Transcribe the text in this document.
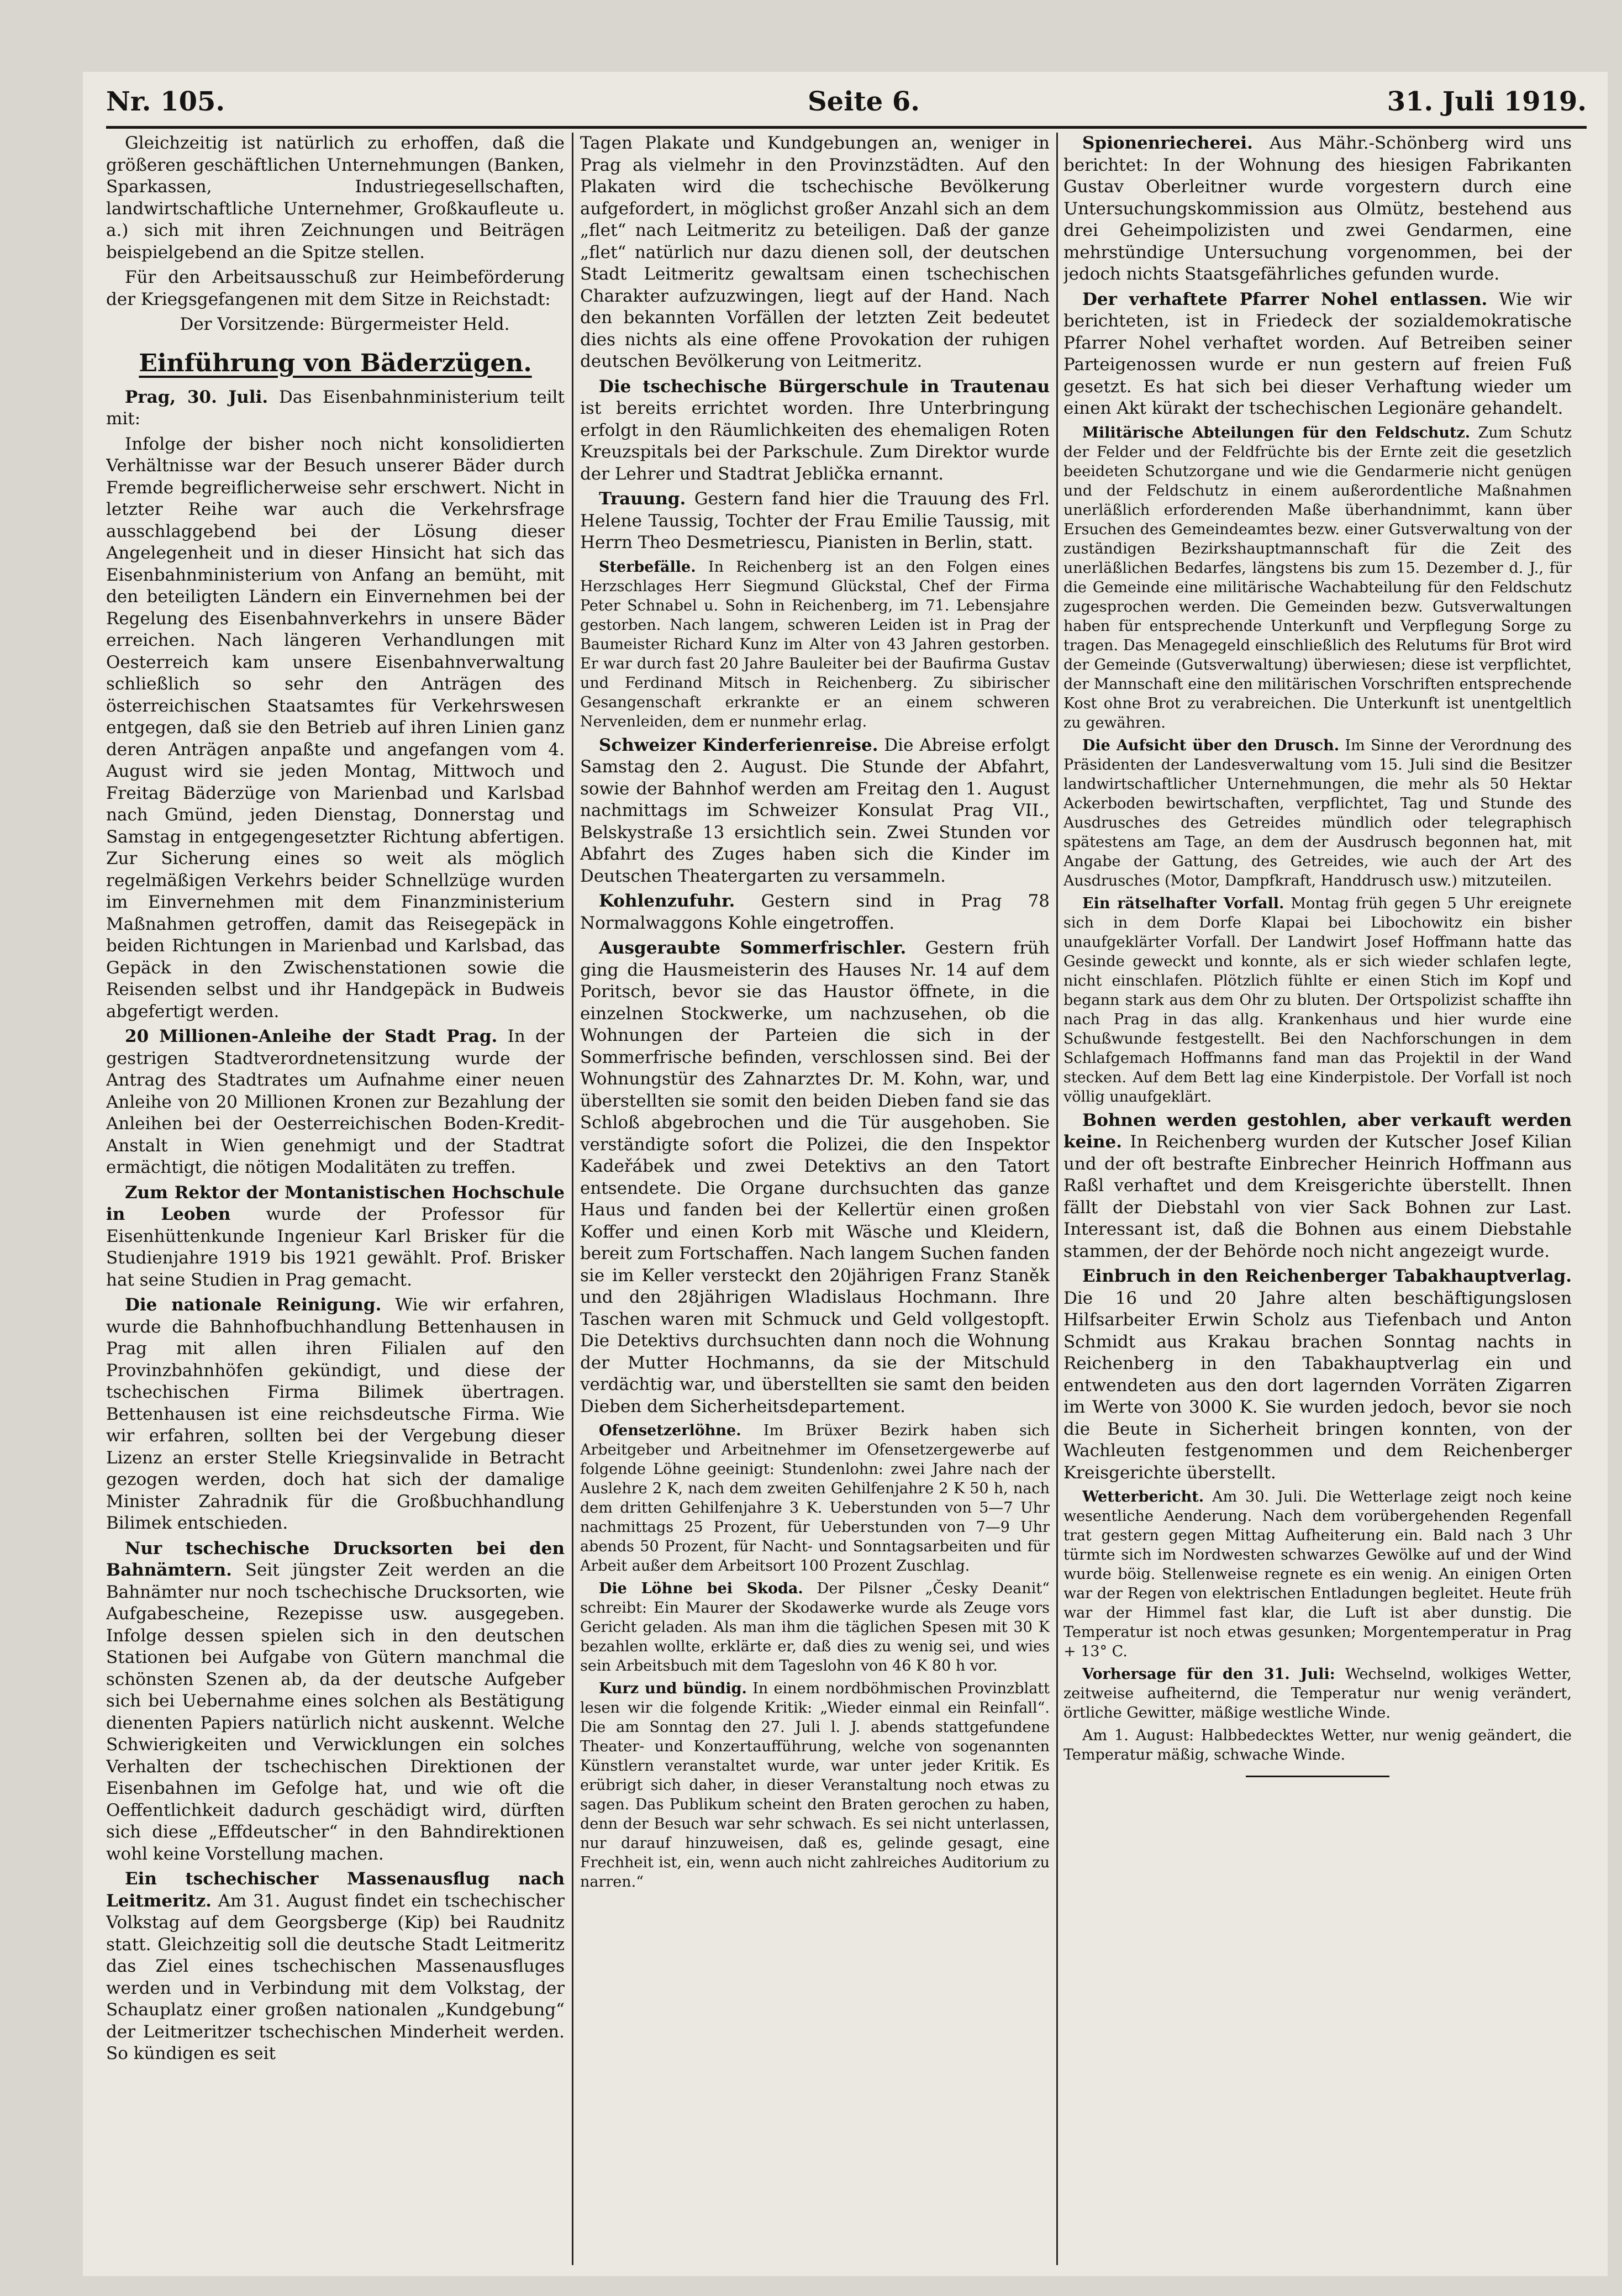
Nr. 105.	Seite 6.	31. Juli 1919.

Gleichzeitig ist natürlich zu erhoffen, daß die größeren geschäftlichen Unternehmungen (Banken, Sparkassen, Industriegesellschaften, landwirtschaftliche Unternehmer, Großkaufleute u. a.) sich mit ihren Zeichnungen und Beiträgen beispielgebend an die Spitze stellen.

Für den Arbeitsausschuß zur Heimbeförderung der Kriegsgefangenen mit dem Sitze in Reichstadt:

Der Vorsitzende: Bürgermeister Held.

Einführung von Bäderzügen.

Prag, 30. Juli. Das Eisenbahnministerium teilt mit:

Infolge der bisher noch nicht konsolidierten Verhältnisse war der Besuch unserer Bäder durch Fremde begreiflicherweise sehr erschwert. Nicht in letzter Reihe war auch die Verkehrsfrage ausschlaggebend bei der Lösung dieser Angelegenheit und in dieser Hinsicht hat sich das Eisenbahnministerium von Anfang an bemüht, mit den beteiligten Ländern ein Einvernehmen bei der Regelung des Eisenbahnverkehrs in unsere Bäder erreichen. Nach längeren Verhandlungen mit Oesterreich kam unsere Eisenbahnverwaltung schließlich so sehr den Anträgen des österreichischen Staatsamtes für Verkehrswesen entgegen, daß sie den Betrieb auf ihren Linien ganz deren Anträgen anpaßte und angefangen vom 4. August wird sie jeden Montag, Mittwoch und Freitag Bäderzüge von Marienbad und Karlsbad nach Gmünd, jeden Dienstag, Donnerstag und Samstag in entgegengesetzter Richtung abfertigen. Zur Sicherung eines so weit als möglich regelmäßigen Verkehrs beider Schnellzüge wurden im Einvernehmen mit dem Finanzministerium Maßnahmen getroffen, damit das Reisegepäck in beiden Richtungen in Marienbad und Karlsbad, das Gepäck in den Zwischenstationen sowie die Reisenden selbst und ihr Handgepäck in Budweis abgefertigt werden.

20 Millionen-Anleihe der Stadt Prag. In der gestrigen Stadtverordnetensitzung wurde der Antrag des Stadtrates um Aufnahme einer neuen Anleihe von 20 Millionen Kronen zur Bezahlung der Anleihen bei der Oesterreichischen Boden-Kredit-Anstalt in Wien genehmigt und der Stadtrat ermächtigt, die nötigen Modalitäten zu treffen.

Zum Rektor der Montanistischen Hochschule in Leoben wurde der Professor für Eisenhüttenkunde Ingenieur Karl Brisker für die Studienjahre 1919 bis 1921 gewählt. Prof. Brisker hat seine Studien in Prag gemacht.

Die nationale Reinigung. Wie wir erfahren, wurde die Bahnhofbuchhandlung Bettenhausen in Prag mit allen ihren Filialen auf den Provinzbahnhöfen gekündigt, und diese der tschechischen Firma Bilimek übertragen. Bettenhausen ist eine reichsdeutsche Firma. Wie wir erfahren, sollten bei der Vergebung dieser Lizenz an erster Stelle Kriegsinvalide in Betracht gezogen werden, doch hat sich der damalige Minister Zahradnik für die Großbuchhandlung Bilimek entschieden.

Nur tschechische Drucksorten bei den Bahnämtern. Seit jüngster Zeit werden an die Bahnämter nur noch tschechische Drucksorten, wie Aufgabescheine, Rezepisse usw. ausgegeben. Infolge dessen spielen sich in den deutschen Stationen bei Aufgabe von Gütern manchmal die schönsten Szenen ab, da der deutsche Aufgeber sich bei Uebernahme eines solchen als Bestätigung dienenten Papiers natürlich nicht auskennt. Welche Schwierigkeiten und Verwicklungen ein solches Verhalten der tschechischen Direktionen der Eisenbahnen im Gefolge hat, und wie oft die Oeffentlichkeit dadurch geschädigt wird, dürften sich diese „Effdeutscher“ in den Bahndirektionen wohl keine Vorstellung machen.

Ein tschechischer Massenausflug nach Leitmeritz. Am 31. August findet ein tschechischer Volkstag auf dem Georgsberge (Kip) bei Raudnitz statt. Gleichzeitig soll die deutsche Stadt Leitmeritz das Ziel eines tschechischen Massenausfluges werden und in Verbindung mit dem Volkstag, der Schauplatz einer großen nationalen „Kundgebung“ der Leitmeritzer tschechischen Minderheit werden. So kündigen es seit

Tagen Plakate und Kundgebungen an, weniger in Prag als vielmehr in den Provinzstädten. Auf den Plakaten wird die tschechische Bevölkerung aufgefordert, in möglichst großer Anzahl sich an dem „flet“ nach Leitmeritz zu beteiligen. Daß der ganze „flet“ natürlich nur dazu dienen soll, der deutschen Stadt Leitmeritz gewaltsam einen tschechischen Charakter aufzuzwingen, liegt auf der Hand. Nach den bekannten Vorfällen der letzten Zeit bedeutet dies nichts als eine offene Provokation der ruhigen deutschen Bevölkerung von Leitmeritz.

Die tschechische Bürgerschule in Trautenau ist bereits errichtet worden. Ihre Unterbringung erfolgt in den Räumlichkeiten des ehemaligen Roten Kreuzspitals bei der Parkschule. Zum Direktor wurde der Lehrer und Stadtrat Jeblička ernannt.

Trauung. Gestern fand hier die Trauung des Frl. Helene Taussig, Tochter der Frau Emilie Taussig, mit Herrn Theo Desmetriescu, Pianisten in Berlin, statt.

Sterbefälle. In Reichenberg ist an den Folgen eines Herzschlages Herr Siegmund Glückstal, Chef der Firma Peter Schnabel u. Sohn in Reichenberg, im 71. Lebensjahre gestorben. Nach langem, schweren Leiden ist in Prag der Baumeister Richard Kunz im Alter von 43 Jahren gestorben. Er war durch fast 20 Jahre Bauleiter bei der Baufirma Gustav und Ferdinand Mitsch in Reichenberg. Zu sibirischer Gesangenschaft erkrankte er an einem schweren Nervenleiden, dem er nunmehr erlag.

Schweizer Kinderferienreise. Die Abreise erfolgt Samstag den 2. August. Die Stunde der Abfahrt, sowie der Bahnhof werden am Freitag den 1. August nachmittags im Schweizer Konsulat Prag VII., Belskystraße 13 ersichtlich sein. Zwei Stunden vor Abfahrt des Zuges haben sich die Kinder im Deutschen Theatergarten zu versammeln.

Kohlenzufuhr. Gestern sind in Prag 78 Normalwaggons Kohle eingetroffen.

Ausgeraubte Sommerfrischler. Gestern früh ging die Hausmeisterin des Hauses Nr. 14 auf dem Poritsch, bevor sie das Haustor öffnete, in die einzelnen Stockwerke, um nachzusehen, ob die Wohnungen der Parteien die sich in der Sommerfrische befinden, verschlossen sind. Bei der Wohnungstür des Zahnarztes Dr. M. Kohn, war, und überstellten sie somit den beiden Dieben fand sie das Schloß abgebrochen und die Tür ausgehoben. Sie verständigte sofort die Polizei, die den Inspektor Kadeřábek und zwei Detektivs an den Tatort entsendete. Die Organe durchsuchten das ganze Haus und fanden bei der Kellertür einen großen Koffer und einen Korb mit Wäsche und Kleidern, bereit zum Fortschaffen. Nach langem Suchen fanden sie im Keller versteckt den 20jährigen Franz Staněk und den 28jährigen Wladislaus Hochmann. Ihre Taschen waren mit Schmuck und Geld vollgestopft. Die Detektivs durchsuchten dann noch die Wohnung der Mutter Hochmanns, da sie der Mitschuld verdächtig war, und überstellten sie samt den beiden Dieben dem Sicherheitsdepartement.

Ofensetzerlöhne. Im Brüxer Bezirk haben sich Arbeitgeber und Arbeitnehmer im Ofensetzergewerbe auf folgende Löhne geeinigt: Stundenlohn: zwei Jahre nach der Auslehre 2 K, nach dem zweiten Gehilfenjahre 2 K 50 h, nach dem dritten Gehilfenjahre 3 K. Ueberstunden von 5—7 Uhr nachmittags 25 Prozent, für Ueberstunden von 7—9 Uhr abends 50 Prozent, für Nacht- und Sonntagsarbeiten und für Arbeit außer dem Arbeitsort 100 Prozent Zuschlag.

Die Löhne bei Skoda. Der Pilsner „Česky Deanit“ schreibt: Ein Maurer der Skodawerke wurde als Zeuge vors Gericht geladen. Als man ihm die täglichen Spesen mit 30 K bezahlen wollte, erklärte er, daß dies zu wenig sei, und wies sein Arbeitsbuch mit dem Tageslohn von 46 K 80 h vor.

Kurz und bündig. In einem nordböhmischen Provinzblatt lesen wir die folgende Kritik: „Wieder einmal ein Reinfall“. Die am Sonntag den 27. Juli l. J. abends stattgefundene Theater- und Konzertaufführung, welche von sogenannten Künstlern veranstaltet wurde, war unter jeder Kritik. Es erübrigt sich daher, in dieser Veranstaltung noch etwas zu sagen. Das Publikum scheint den Braten gerochen zu haben, denn der Besuch war sehr schwach. Es sei nicht unterlassen, nur darauf hinzuweisen, daß es, gelinde gesagt, eine Frechheit ist, ein, wenn auch nicht zahlreiches Auditorium zu narren.“

Spionenriecherei. Aus Mähr.-Schönberg wird uns berichtet: In der Wohnung des hiesigen Fabrikanten Gustav Oberleitner wurde vorgestern durch eine Untersuchungskommission aus Olmütz, bestehend aus drei Geheimpolizisten und zwei Gendarmen, eine mehrstündige Untersuchung vorgenommen, bei der jedoch nichts Staatsgefährliches gefunden wurde.

Der verhaftete Pfarrer Nohel entlassen. Wie wir berichteten, ist in Friedeck der sozialdemokratische Pfarrer Nohel verhaftet worden. Auf Betreiben seiner Parteigenossen wurde er nun gestern auf freien Fuß gesetzt. Es hat sich bei dieser Verhaftung wieder um einen Akt kürakt der tschechischen Legionäre gehandelt.

Militärische Abteilungen für den Feldschutz. Zum Schutz der Felder und der Feldfrüchte bis der Ernte zeit die gesetzlich beeideten Schutzorgane und wie die Gendarmerie nicht genügen und der Feldschutz in einem außerordentliche Maßnahmen unerläßlich erforderenden Maße überhandnimmt, kann über Ersuchen des Gemeindeamtes bezw. einer Gutsverwaltung von der zuständigen Bezirkshauptmannschaft für die Zeit des unerläßlichen Bedarfes, längstens bis zum 15. Dezember d. J., für die Gemeinde eine militärische Wachabteilung für den Feldschutz zugesprochen werden. Die Gemeinden bezw. Gutsverwaltungen haben für entsprechende Unterkunft und Verpflegung Sorge zu tragen. Das Menagegeld einschließlich des Relutums für Brot wird der Gemeinde (Gutsverwaltung) überwiesen; diese ist verpflichtet, der Mannschaft eine den militärischen Vorschriften entsprechende Kost ohne Brot zu verabreichen. Die Unterkunft ist unentgeltlich zu gewähren.

Die Aufsicht über den Drusch. Im Sinne der Verordnung des Präsidenten der Landesverwaltung vom 15. Juli sind die Besitzer landwirtschaftlicher Unternehmungen, die mehr als 50 Hektar Ackerboden bewirtschaften, verpflichtet, Tag und Stunde des Ausdrusches des Getreides mündlich oder telegraphisch spätestens am Tage, an dem der Ausdrusch begonnen hat, mit Angabe der Gattung, des Getreides, wie auch der Art des Ausdrusches (Motor, Dampfkraft, Handdrusch usw.) mitzuteilen.

Ein rätselhafter Vorfall. Montag früh gegen 5 Uhr ereignete sich in dem Dorfe Klapai bei Libochowitz ein bisher unaufgeklärter Vorfall. Der Landwirt Josef Hoffmann hatte das Gesinde geweckt und konnte, als er sich wieder schlafen legte, nicht einschlafen. Plötzlich fühlte er einen Stich im Kopf und begann stark aus dem Ohr zu bluten. Der Ortspolizist schaffte ihn nach Prag in das allg. Krankenhaus und hier wurde eine Schußwunde festgestellt. Bei den Nachforschungen in dem Schlafgemach Hoffmanns fand man das Projektil in der Wand stecken. Auf dem Bett lag eine Kinderpistole. Der Vorfall ist noch völlig unaufgeklärt.

Bohnen werden gestohlen, aber verkauft werden keine. In Reichenberg wurden der Kutscher Josef Kilian und der oft bestrafte Einbrecher Heinrich Hoffmann aus Raßl verhaftet und dem Kreisgerichte überstellt. Ihnen fällt der Diebstahl von vier Sack Bohnen zur Last. Interessant ist, daß die Bohnen aus einem Diebstahle stammen, der der Behörde noch nicht angezeigt wurde.

Einbruch in den Reichenberger Tabakhauptverlag. Die 16 und 20 Jahre alten beschäftigungslosen Hilfsarbeiter Erwin Scholz aus Tiefenbach und Anton Schmidt aus Krakau brachen Sonntag nachts in Reichenberg in den Tabakhauptverlag ein und entwendeten aus den dort lagernden Vorräten Zigarren im Werte von 3000 K. Sie wurden jedoch, bevor sie noch die Beute in Sicherheit bringen konnten, von der Wachleuten festgenommen und dem Reichenberger Kreisgerichte überstellt.

Wetterbericht. Am 30. Juli. Die Wetterlage zeigt noch keine wesentliche Aenderung. Nach dem vorübergehenden Regenfall trat gestern gegen Mittag Aufheiterung ein. Bald nach 3 Uhr türmte sich im Nordwesten schwarzes Gewölke auf und der Wind wurde böig. Stellenweise regnete es ein wenig. An einigen Orten war der Regen von elektrischen Entladungen begleitet. Heute früh war der Himmel fast klar, die Luft ist aber dunstig. Die Temperatur ist noch etwas gesunken; Morgentemperatur in Prag + 13° C.

Vorhersage für den 31. Juli: Wechselnd, wolkiges Wetter, zeitweise aufheiternd, die Temperatur nur wenig verändert, örtliche Gewitter, mäßige westliche Winde.

Am 1. August: Halbbedecktes Wetter, nur wenig geändert, die Temperatur mäßig, schwache Winde.
